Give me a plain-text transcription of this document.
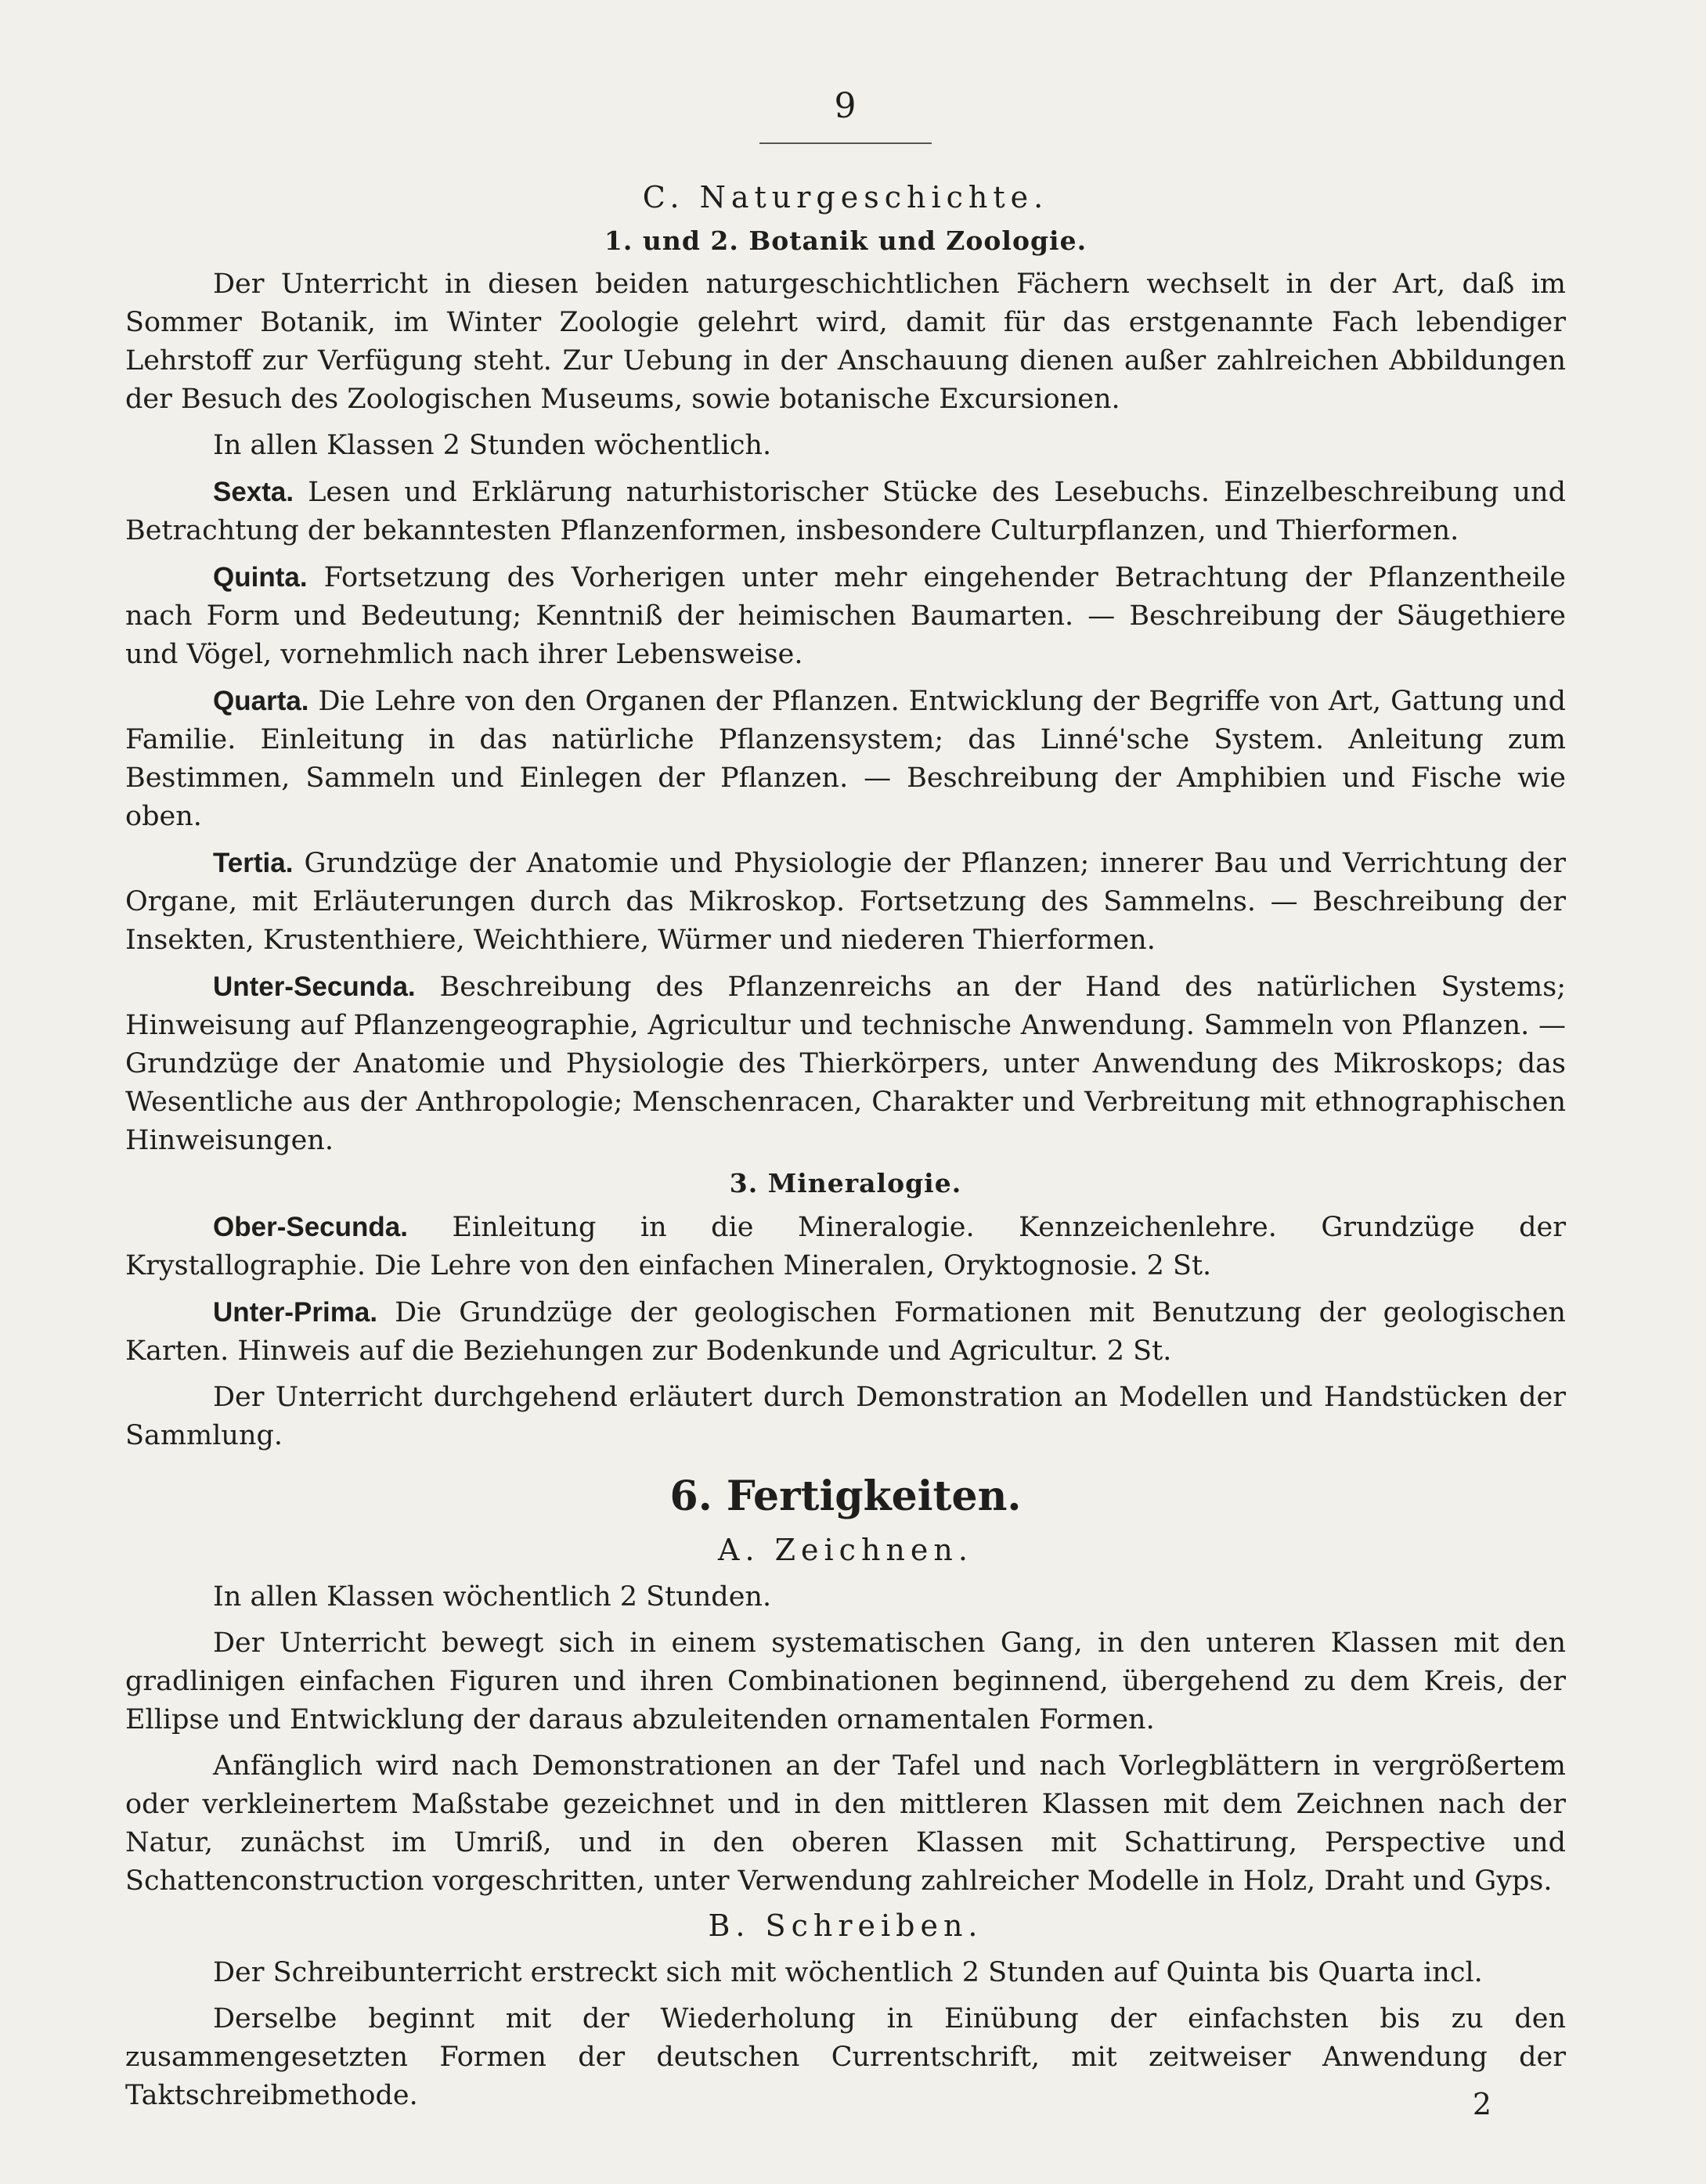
9
C. Naturgeschichte.
1. und 2. Botanik und Zoologie.

Der Unterricht in diesen beiden naturgeschichtlichen Fächern wechselt in der Art, daß im Sommer Botanik, im Winter Zoologie gelehrt wird, damit für das erstgenannte Fach lebendiger Lehrstoff zur Verfügung steht. Zur Uebung in der Anschauung dienen außer zahlreichen Abbildungen der Besuch des Zoologischen Museums, sowie botanische Excursionen.

In allen Klassen 2 Stunden wöchentlich.

Sexta. Lesen und Erklärung naturhistorischer Stücke des Lesebuchs. Einzelbeschreibung und Betrachtung der bekanntesten Pflanzenformen, insbesondere Culturpflanzen, und Thierformen.

Quinta. Fortsetzung des Vorherigen unter mehr eingehender Betrachtung der Pflanzentheile nach Form und Bedeutung; Kenntniß der heimischen Baumarten. — Beschreibung der Säugethiere und Vögel, vornehmlich nach ihrer Lebensweise.

Quarta. Die Lehre von den Organen der Pflanzen. Entwicklung der Begriffe von Art, Gattung und Familie. Einleitung in das natürliche Pflanzensystem; das Linné'sche System. Anleitung zum Bestimmen, Sammeln und Einlegen der Pflanzen. — Beschreibung der Amphibien und Fische wie oben.

Tertia. Grundzüge der Anatomie und Physiologie der Pflanzen; innerer Bau und Verrichtung der Organe, mit Erläuterungen durch das Mikroskop. Fortsetzung des Sammelns. — Beschreibung der Insekten, Krustenthiere, Weichthiere, Würmer und niederen Thierformen.

Unter-Secunda. Beschreibung des Pflanzenreichs an der Hand des natürlichen Systems; Hinweisung auf Pflanzengeographie, Agricultur und technische Anwendung. Sammeln von Pflanzen. — Grundzüge der Anatomie und Physiologie des Thierkörpers, unter Anwendung des Mikroskops; das Wesentliche aus der Anthropologie; Menschenracen, Charakter und Verbreitung mit ethnographischen Hinweisungen.

3. Mineralogie.

Ober-Secunda. Einleitung in die Mineralogie. Kennzeichenlehre. Grundzüge der Krystallographie. Die Lehre von den einfachen Mineralen, Oryktognosie. 2 St.

Unter-Prima. Die Grundzüge der geologischen Formationen mit Benutzung der geologischen Karten. Hinweis auf die Beziehungen zur Bodenkunde und Agricultur. 2 St.

Der Unterricht durchgehend erläutert durch Demonstration an Modellen und Handstücken der Sammlung.

6. Fertigkeiten.
A. Zeichnen.

In allen Klassen wöchentlich 2 Stunden.

Der Unterricht bewegt sich in einem systematischen Gang, in den unteren Klassen mit den gradlinigen einfachen Figuren und ihren Combinationen beginnend, übergehend zu dem Kreis, der Ellipse und Entwicklung der daraus abzuleitenden ornamentalen Formen.

Anfänglich wird nach Demonstrationen an der Tafel und nach Vorlegblättern in vergrößertem oder verkleinertem Maßstabe gezeichnet und in den mittleren Klassen mit dem Zeichnen nach der Natur, zunächst im Umriß, und in den oberen Klassen mit Schattirung, Perspective und Schattenconstruction vorgeschritten, unter Verwendung zahlreicher Modelle in Holz, Draht und Gyps.

B. Schreiben.

Der Schreibunterricht erstreckt sich mit wöchentlich 2 Stunden auf Quinta bis Quarta incl.

Derselbe beginnt mit der Wiederholung in Einübung der einfachsten bis zu den zusammengesetzten Formen der deutschen Currentschrift, mit zeitweiser Anwendung der Taktschreibmethode.	2
